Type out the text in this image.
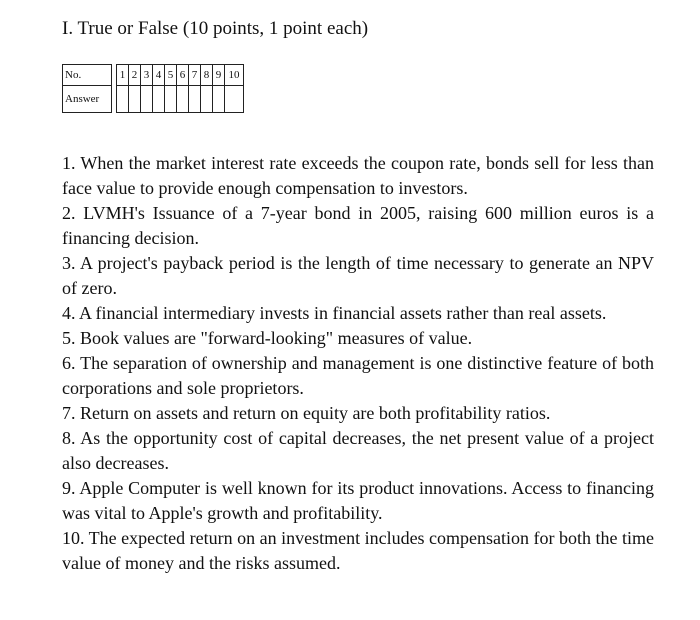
I. True or False (10 points, 1 point each)
No.		1	2	3	4	5	6	7	8	9	10
Answer											

1. When the market interest rate exceeds the coupon rate, bonds sell for less than face value to provide enough compensation to investors.

2. LVMH's Issuance of a 7-year bond in 2005, raising 600 million euros is a financing decision.

3. A project's payback period is the length of time necessary to generate an NPV of zero.

4. A financial intermediary invests in financial assets rather than real assets.

5. Book values are "forward-looking" measures of value.

6. The separation of ownership and management is one distinctive feature of both corporations and sole proprietors.

7. Return on assets and return on equity are both profitability ratios.

8. As the opportunity cost of capital decreases, the net present value of a project also decreases.

9. Apple Computer is well known for its product innovations. Access to financing was vital to Apple's growth and profitability.

10. The expected return on an investment includes compensation for both the time value of money and the risks assumed.
